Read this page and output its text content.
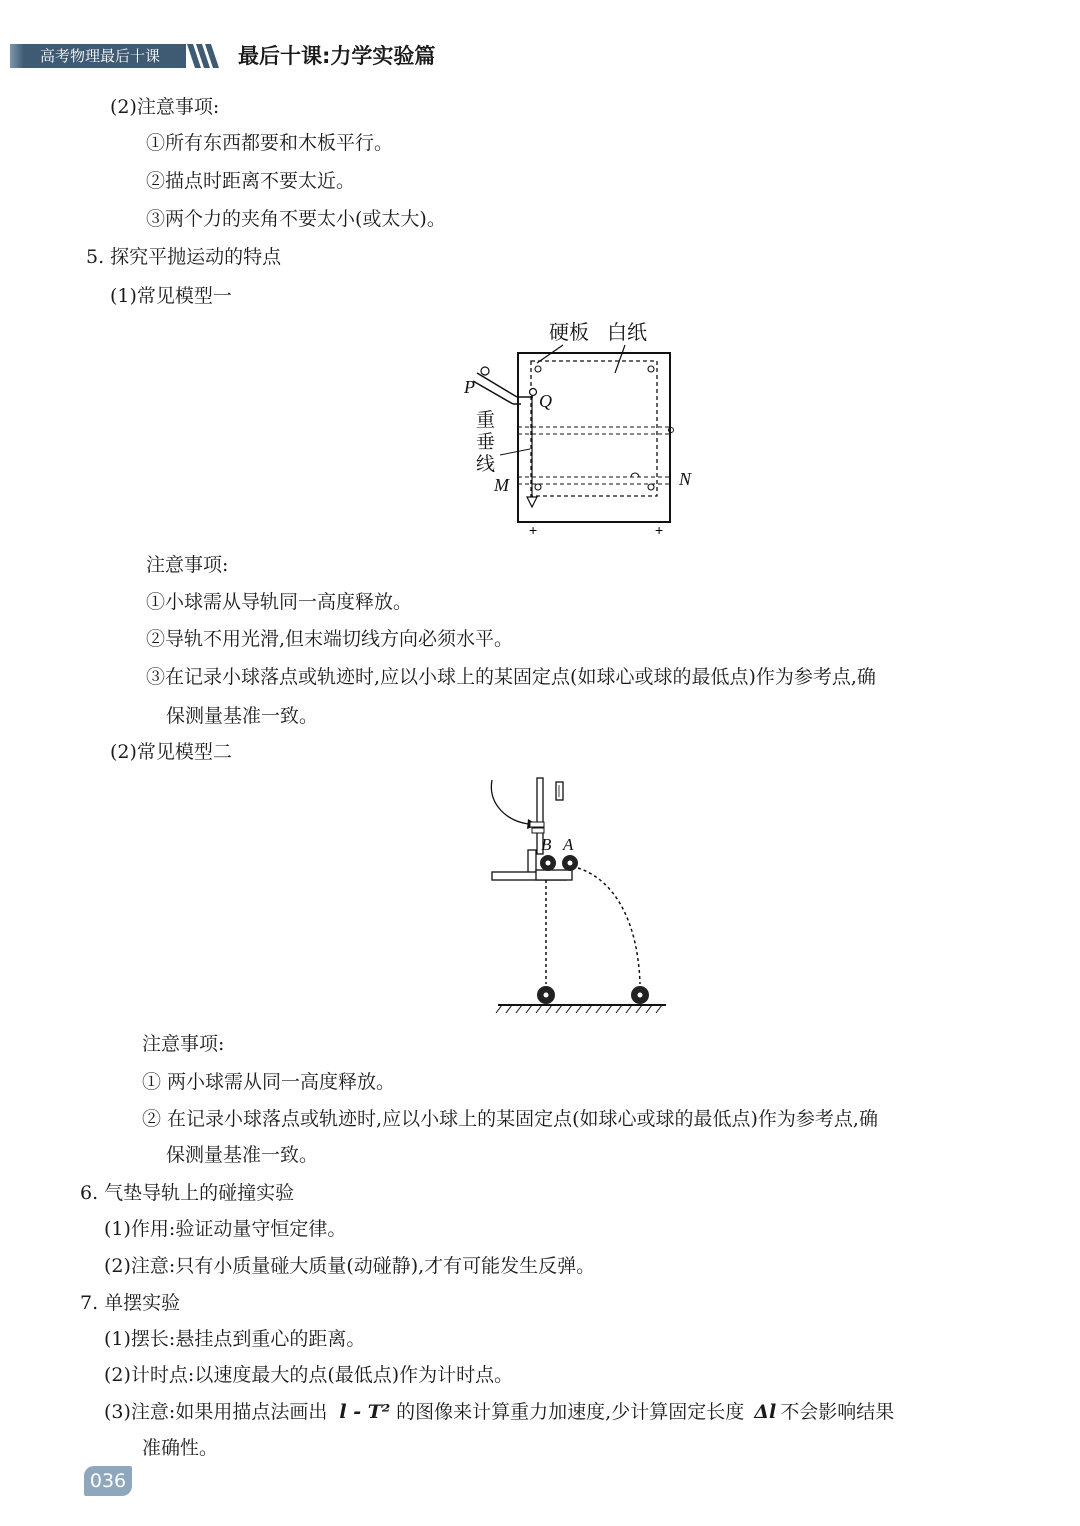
高考物理最后十课	最后十课:力学实验篇
(2)注意事项:
①所有东西都要和木板平行。
②描点时距离不要太近。
③两个力的夹角不要太小(或太大)。
5. 探究平抛运动的特点
(1)常见模型一
硬板 白纸
+	+
P
Q
M	N
重
垂
线
注意事项:
①小球需从导轨同一高度释放。
②导轨不用光滑,但末端切线方向必须水平。
③在记录小球落点或轨迹时,应以小球上的某固定点(如球心或球的最低点)作为参考点,确
保测量基准一致。
(2)常见模型二
B A
注意事项:
① 两小球需从同一高度释放。
② 在记录小球落点或轨迹时,应以小球上的某固定点(如球心或球的最低点)作为参考点,确
保测量基准一致。
6. 气垫导轨上的碰撞实验
(1)作用:验证动量守恒定律。
(2)注意:只有小质量碰大质量(动碰静),才有可能发生反弹。
7. 单摆实验
(1)摆长:悬挂点到重心的距离。
(2)计时点:以速度最大的点(最低点)作为计时点。
(3)注意:如果用描点法画出 l - T² 的图像来计算重力加速度,少计算固定长度 Δl 不会影响结果
准确性。
036
